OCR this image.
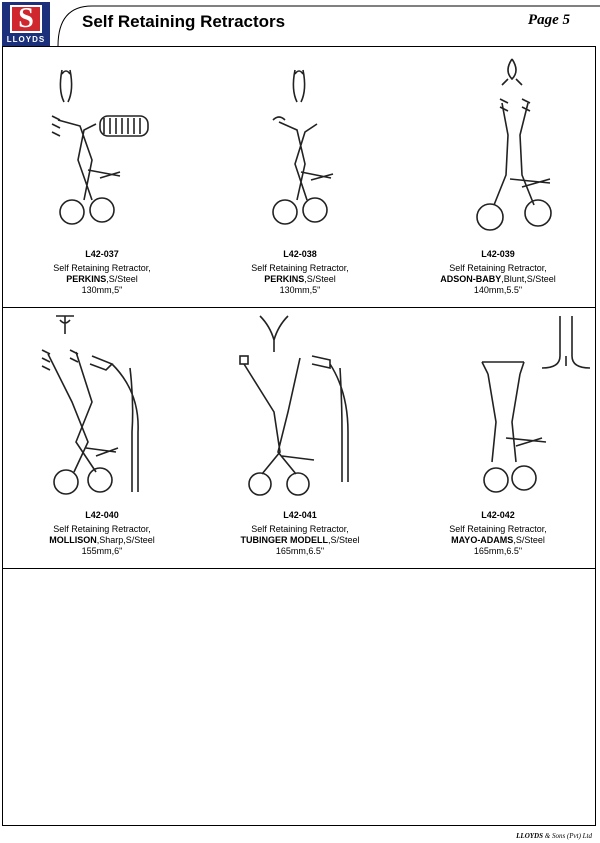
S
LLOYDS
Self Retaining Retractors	Page 5
L42-037
Self Retaining Retractor,
PERKINS,S/Steel
130mm,5"
L42-038
Self Retaining Retractor,
PERKINS,S/Steel
130mm,5"
L42-039
Self Retaining Retractor,
ADSON-BABY,Blunt,S/Steel
140mm,5.5"
L42-040
Self Retaining Retractor,
MOLLISON,Sharp,S/Steel
155mm,6"
L42-041
Self Retaining Retractor,
TUBINGER MODELL,S/Steel
165mm,6.5"
L42-042
Self Retaining Retractor,
MAYO-ADAMS,S/Steel
165mm,6.5"
LLOYDS & Sons (Pvt) Ltd
